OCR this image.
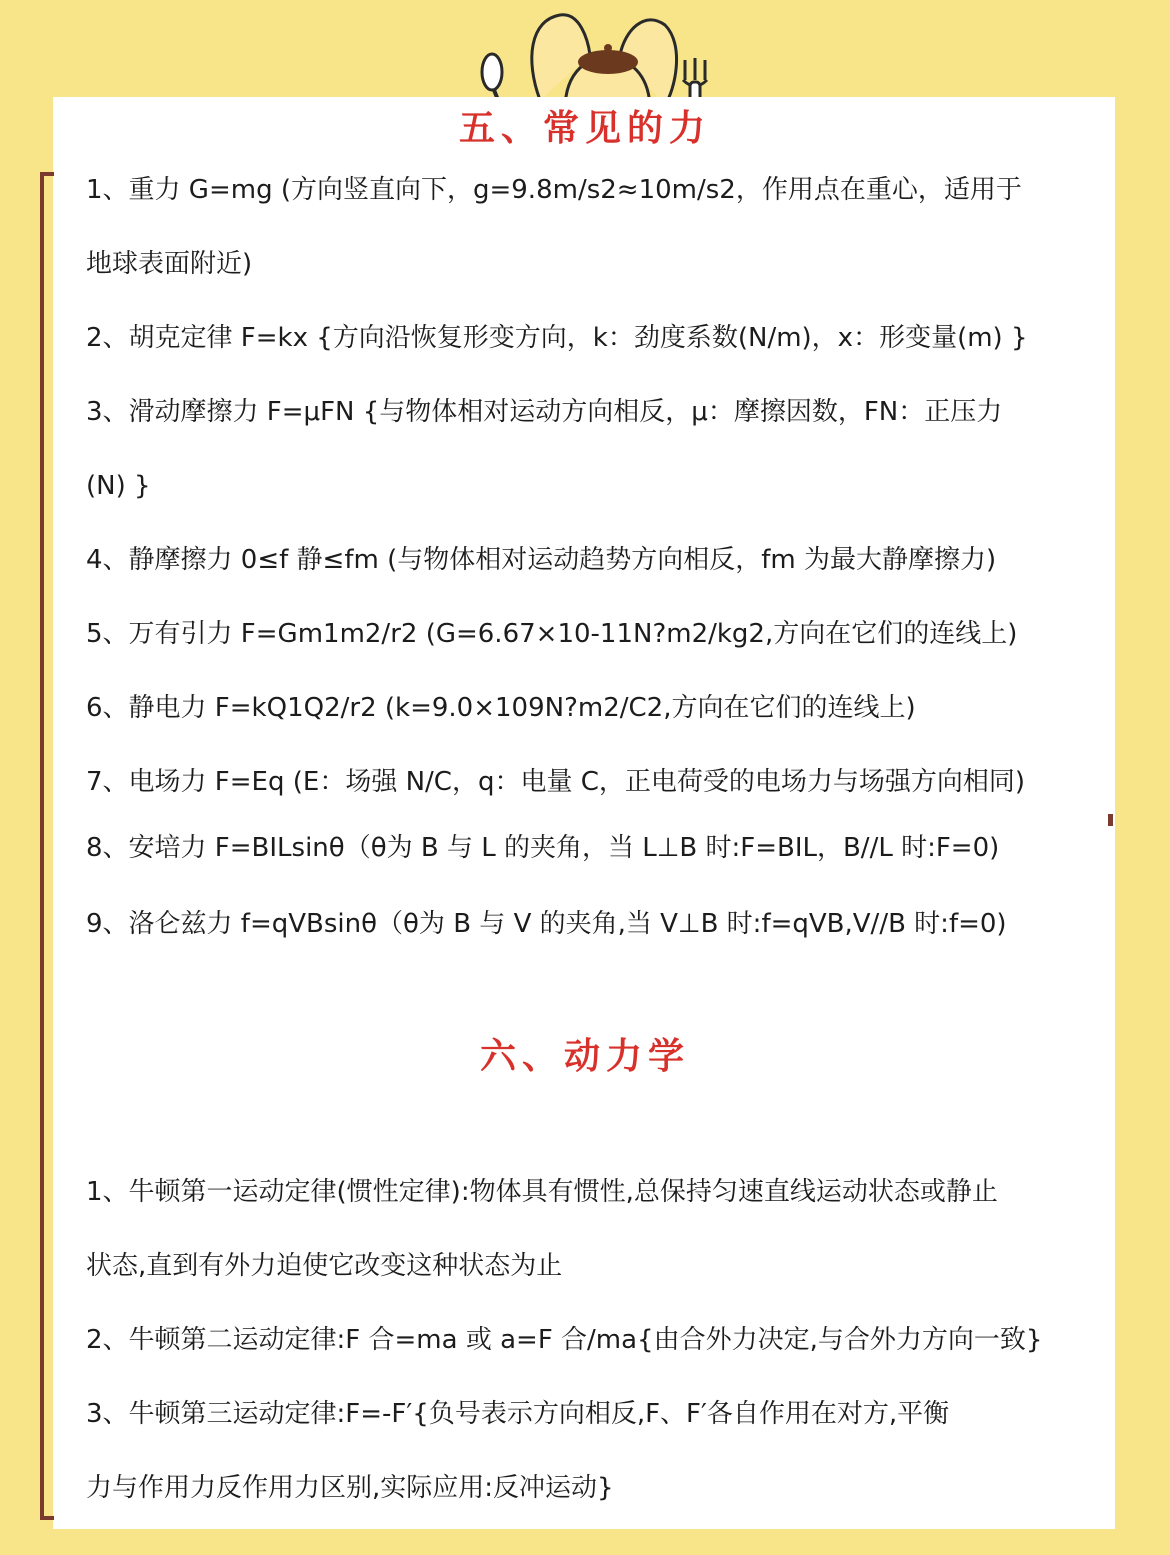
五、常见的力
1、重力 G=mg (方向竖直向下，g=9.8m/s2≈10m/s2，作用点在重心，适用于
地球表面附近)
2、胡克定律 F=kx {方向沿恢复形变方向，k：劲度系数(N/m)，x：形变量(m) }
3、滑动摩擦力 F=μFN {与物体相对运动方向相反，μ：摩擦因数，FN：正压力
(N) }
4、静摩擦力 0≤f 静≤fm (与物体相对运动趋势方向相反，fm 为最大静摩擦力)
5、万有引力 F=Gm1m2/r2 (G=6.67×10-11N?m2/kg2,方向在它们的连线上)
6、静电力 F=kQ1Q2/r2 (k=9.0×109N?m2/C2,方向在它们的连线上)
7、电场力 F=Eq (E：场强 N/C，q：电量 C，正电荷受的电场力与场强方向相同)
8、安培力 F=BILsinθ（θ为 B 与 L 的夹角，当 L⊥B 时:F=BIL，B//L 时:F=0)
9、洛仑兹力 f=qVBsinθ（θ为 B 与 V 的夹角,当 V⊥B 时:f=qVB,V//B 时:f=0)
六、动力学
1、牛顿第一运动定律(惯性定律):物体具有惯性,总保持匀速直线运动状态或静止
状态,直到有外力迫使它改变这种状态为止
2、牛顿第二运动定律:F 合=ma 或 a=F 合/ma{由合外力决定,与合外力方向一致}
3、牛顿第三运动定律:F=-F′{负号表示方向相反,F、F′各自作用在对方,平衡
力与作用力反作用力区别,实际应用:反冲运动}
